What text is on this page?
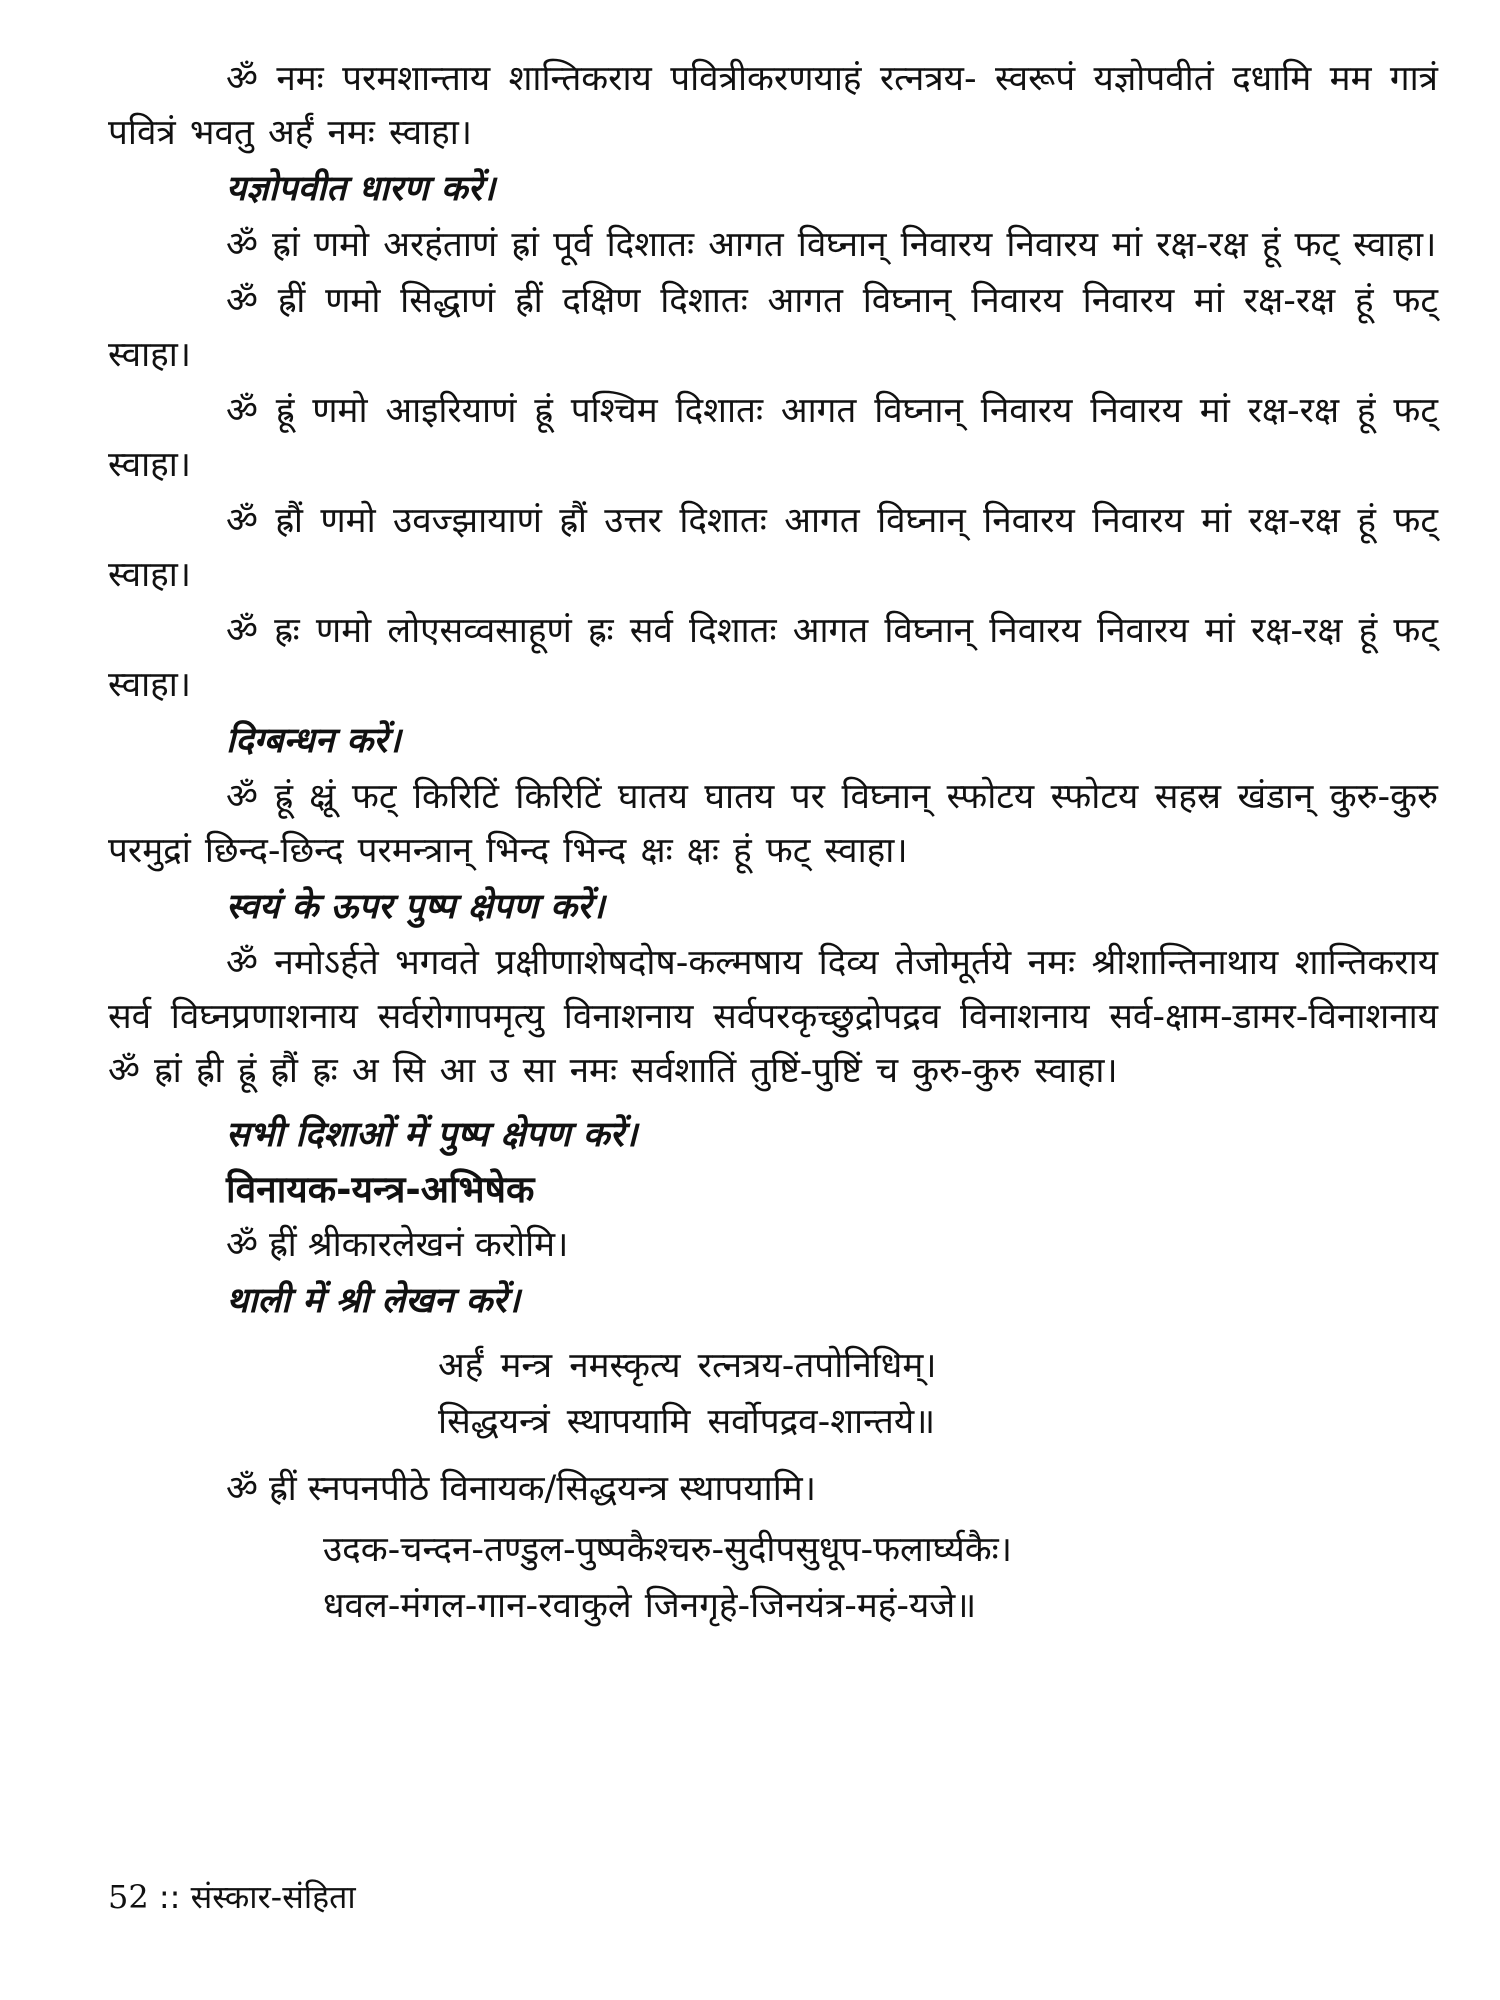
ॐ नमः परमशान्ताय शान्तिकराय पवित्रीकरणयाहं रत्नत्रय- स्वरूपं यज्ञोपवीतं दधामि मम गात्रं पवित्रं भवतु अर्हं नमः स्वाहा।

यज्ञोपवीत धारण करें।

ॐ ह्रां णमो अरहंताणं ह्रां पूर्व दिशातः आगत विघ्नान् निवारय निवारय मां रक्ष-रक्ष हूं फट् स्वाहा।

ॐ ह्रीं णमो सिद्धाणं ह्रीं दक्षिण दिशातः आगत विघ्नान् निवारय निवारय मां रक्ष-रक्ष हूं फट् स्वाहा।

ॐ ह्रूं णमो आइरियाणं ह्रूं पश्चिम दिशातः आगत विघ्नान् निवारय निवारय मां रक्ष-रक्ष हूं फट् स्वाहा।

ॐ ह्रौं णमो उवज्झायाणं ह्रौं उत्तर दिशातः आगत विघ्नान् निवारय निवारय मां रक्ष-रक्ष हूं फट् स्वाहा।

ॐ ह्रः णमो लोएसव्वसाहूणं ह्रः सर्व दिशातः आगत विघ्नान् निवारय निवारय मां रक्ष-रक्ष हूं फट् स्वाहा।

दिग्बन्धन करें।

ॐ ह्रूं क्ष्रूं फट् किरिटिं किरिटिं घातय घातय पर विघ्नान् स्फोटय स्फोटय सहस्र खंडान् कुरु-कुरु परमुद्रां छिन्द-छिन्द परमन्त्रान् भिन्द भिन्द क्षः क्षः हूं फट् स्वाहा।

स्वयं के ऊपर पुष्प क्षेपण करें।

ॐ नमोऽर्हते भगवते प्रक्षीणाशेषदोष-कल्मषाय दिव्य तेजोमूर्तये नमः श्रीशान्तिनाथाय शान्तिकराय सर्व विघ्नप्रणाशनाय सर्वरोगापमृत्यु विनाशनाय सर्वपरकृच्छुद्रोपद्रव विनाशनाय सर्व-क्षाम-डामर-विनाशनाय ॐ ह्रां ह्री ह्रूं ह्रौं ह्रः अ सि आ उ सा नमः सर्वशातिं तुष्टिं-पुष्टिं च कुरु-कुरु स्वाहा।

सभी दिशाओं में पुष्प क्षेपण करें।

विनायक-यन्त्र-अभिषेक

ॐ ह्रीं श्रीकारलेखनं करोमि।

थाली में श्री लेखन करें।

अर्हं मन्त्र नमस्कृत्य रत्नत्रय-तपोनिधिम्।
सिद्धयन्त्रं स्थापयामि सर्वोपद्रव-शान्तये॥

ॐ ह्रीं स्नपनपीठे विनायक/सिद्धयन्त्र स्थापयामि।

उदक-चन्दन-तण्डुल-पुष्पकैश्चरु-सुदीपसुधूप-फलार्घ्यकैः।
धवल-मंगल-गान-रवाकुले जिनगृहे-जिनयंत्र-महं-यजे॥
52 :: संस्कार-संहिता
